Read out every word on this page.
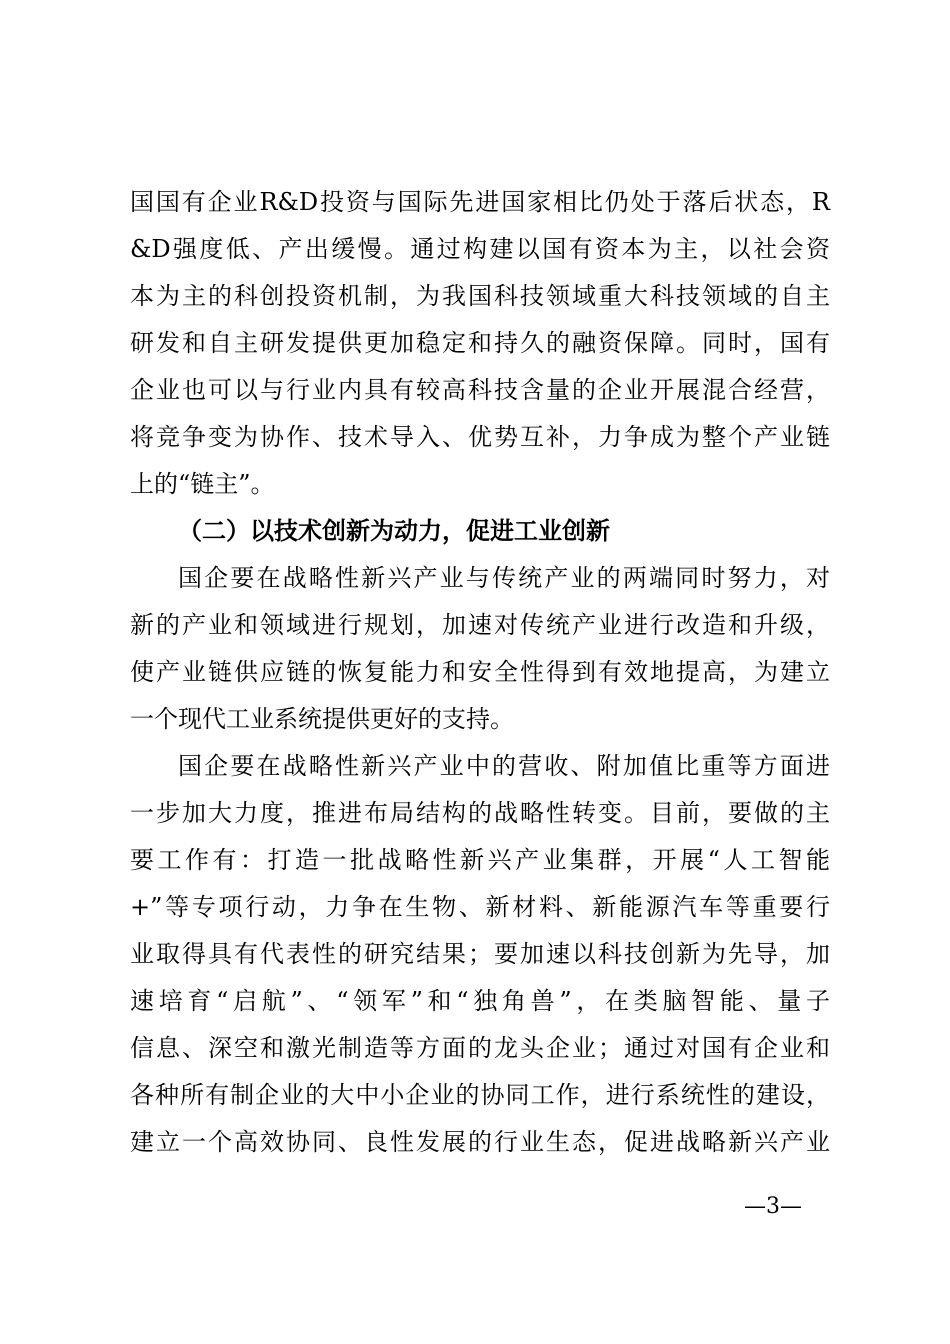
国国有企业R&D投资与国际先进国家相比仍处于落后状态，R
&D强度低、产出缓慢。通过构建以国有资本为主，以社会资
本为主的科创投资机制，为我国科技领域重大科技领域的自主
研发和自主研发提供更加稳定和持久的融资保障。同时，国有
企业也可以与行业内具有较高科技含量的企业开展混合经营，
将竞争变为协作、技术导入、优势互补，力争成为整个产业链
上的“链主”。
（二）以技术创新为动力，促进工业创新
国企要在战略性新兴产业与传统产业的两端同时努力，对
新的产业和领域进行规划，加速对传统产业进行改造和升级，
使产业链供应链的恢复能力和安全性得到有效地提高，为建立
一个现代工业系统提供更好的支持。
国企要在战略性新兴产业中的营收、附加值比重等方面进
一步加大力度，推进布局结构的战略性转变。目前，要做的主
要工作有：打造一批战略性新兴产业集群，开展“人工智能
+”等专项行动，力争在生物、新材料、新能源汽车等重要行
业取得具有代表性的研究结果；要加速以科技创新为先导，加
速培育“启航”、“领军”和“独角兽”，在类脑智能、量子
信息、深空和激光制造等方面的龙头企业；通过对国有企业和
各种所有制企业的大中小企业的协同工作，进行系统性的建设，
建立一个高效协同、良性发展的行业生态，促进战略新兴产业
—3—
